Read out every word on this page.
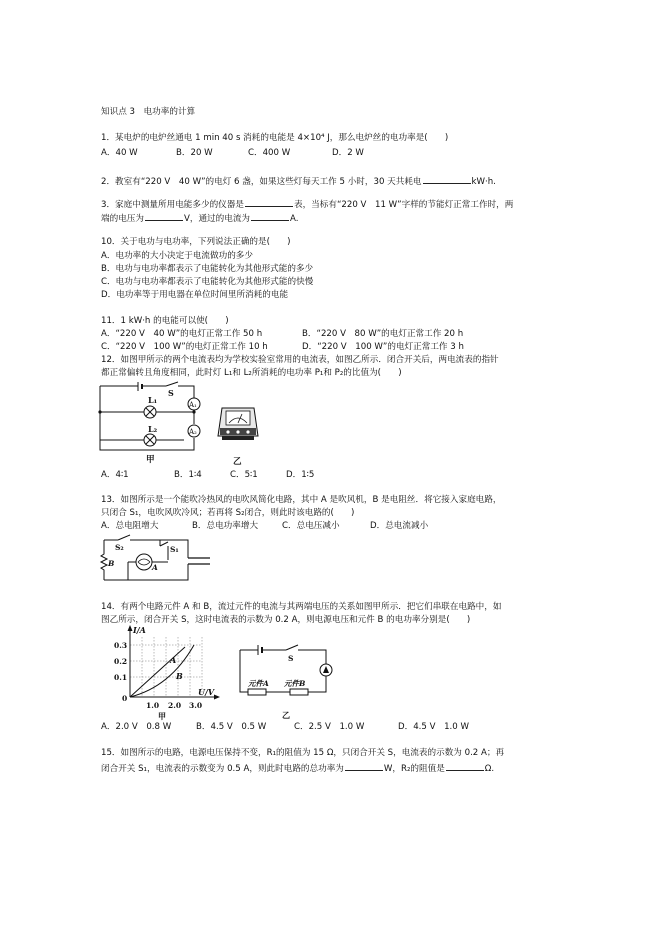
知识点 3　电功率的计算
1．某电炉的电炉丝通电 1 min 40 s 消耗的电能是 4×10⁴ J，那么电炉丝的电功率是(　　)
A．40 W	B．20 W	C．400 W	D．2 W
2．教室有“220 V　40 W”的电灯 6 盏，如果这些灯每天工作 5 小时，30 天共耗电	kW·h.
3．家庭中测量所用电能多少的仪器是	表，当标有“220 V　11 W”字样的节能灯正常工作时，两
端的电压为	V，通过的电流为	A.
10．关于电功与电功率，下列说法正确的是(　　)
A．电功率的大小决定于电流做功的多少
B．电功与电功率都表示了电能转化为其他形式能的多少
C．电功与电功率都表示了电能转化为其他形式能的快慢
D．电功率等于用电器在单位时间里所消耗的电能
11．1 kW·h 的电能可以使(　　)
A．“220 V　40 W”的电灯正常工作 50 h	B．“220 V　80 W”的电灯正常工作 20 h
C．“220 V　100 W”的电灯正常工作 10 h	D．“220 V　100 W”的电灯正常工作 3 h
12．如图甲所示的两个电流表均为学校实验室常用的电流表，如图乙所示．闭合开关后，两电流表的指针
都正常偏转且角度相同，此时灯 L₁和 L₂所消耗的电功率 P₁和 P₂的比值为(　　)
A₁
A₂
S
L₁
L₂
甲	乙
A．4∶1	B．1∶4	C．5∶1	D．1∶5
13．如图所示是一个能吹冷热风的电吹风简化电路，其中 A 是吹风机，B 是电阻丝．将它接入家庭电路，
只闭合 S₁，电吹风吹冷风；若再将 S₂闭合，则此时该电路的(　　)
A．总电阻增大	B．总电功率增大	C．总电压减小	D．总电流减小
S₂	S₁
A
B
14．有两个电路元件 A 和 B，流过元件的电流与其两端电压的关系如图甲所示．把它们串联在电路中，如
图乙所示，闭合开关 S，这时电流表的示数为 0.2 A，则电源电压和元件 B 的电功率分别是(　　)
I/A
U/V
0.3
0.2
0.1
0
1.0 2.0 3.0
A
B
甲
S
元件A 元件B
乙
A．2.0 V　0.8 W	B．4.5 V　0.5 W	C．2.5 V　1.0 W	D．4.5 V　1.0 W
15．如图所示的电路，电源电压保持不变，R₁的阻值为 15 Ω，只闭合开关 S，电流表的示数为 0.2 A；再
闭合开关 S₁，电流表的示数变为 0.5 A，则此时电路的总功率为	W，R₂的阻值是	Ω.
